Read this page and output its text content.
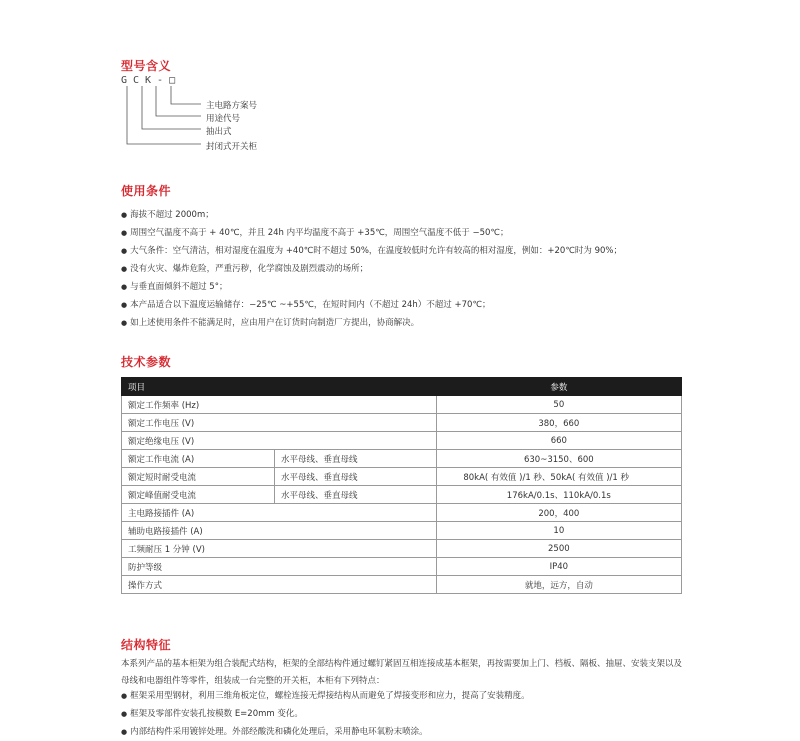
型号含义
GCK-□
主电路方案号
用途代号
抽出式
封闭式开关柜
使用条件
● 海拔不超过 2000m；
● 周围空气温度不高于 + 40℃，并且 24h 内平均温度不高于 +35℃，周围空气温度不低于 −50℃；
● 大气条件：空气清洁，相对湿度在温度为 +40℃时不超过 50%，在温度较低时允许有较高的相对湿度，例如：+20℃时为 90%；
● 没有火灾、爆炸危险，严重污秽，化学腐蚀及剧烈震动的场所；
● 与垂直面倾斜不超过 5°；
● 本产品适合以下温度运输储存：−25℃ ~+55℃，在短时间内（不超过 24h）不超过 +70℃；
● 如上述使用条件不能满足时，应由用户在订货时向制造厂方提出，协商解决。
技术参数
项目		参数
额定工作频率 (Hz)		50
额定工作电压 (V)		380，660
额定绝缘电压 (V)		660
额定工作电流 (A)	水平母线、垂直母线	630~3150、600
额定短时耐受电流	水平母线、垂直母线	80kA( 有效值 )/1 秒、50kA( 有效值 )/1 秒
额定峰值耐受电流	水平母线、垂直母线	176kA/0.1s、110kA/0.1s
主电路接插件 (A)		200，400
辅助电路接插件 (A)		10
工频耐压 1 分钟 (V)		2500
防护等级		IP40
操作方式		就地，远方，自动
结构特征

本系列产品的基本柜架为组合装配式结构，柜架的全部结构件通过螺钉紧固互相连接成基本框架，再按需要加上门、档板、隔板、抽屉、安装支架以及母线和电器组件等零件，组装成一台完整的开关柜，本柜有下列特点：

● 框架采用型钢材，利用三维角板定位，螺栓连接无焊接结构从而避免了焊接变形和应力，提高了安装精度。
● 框架及零部件安装孔按模数 E=20mm 变化。
● 内部结构件采用镀锌处理。外部经酸洗和磷化处理后，采用静电环氧粉末喷涂。
